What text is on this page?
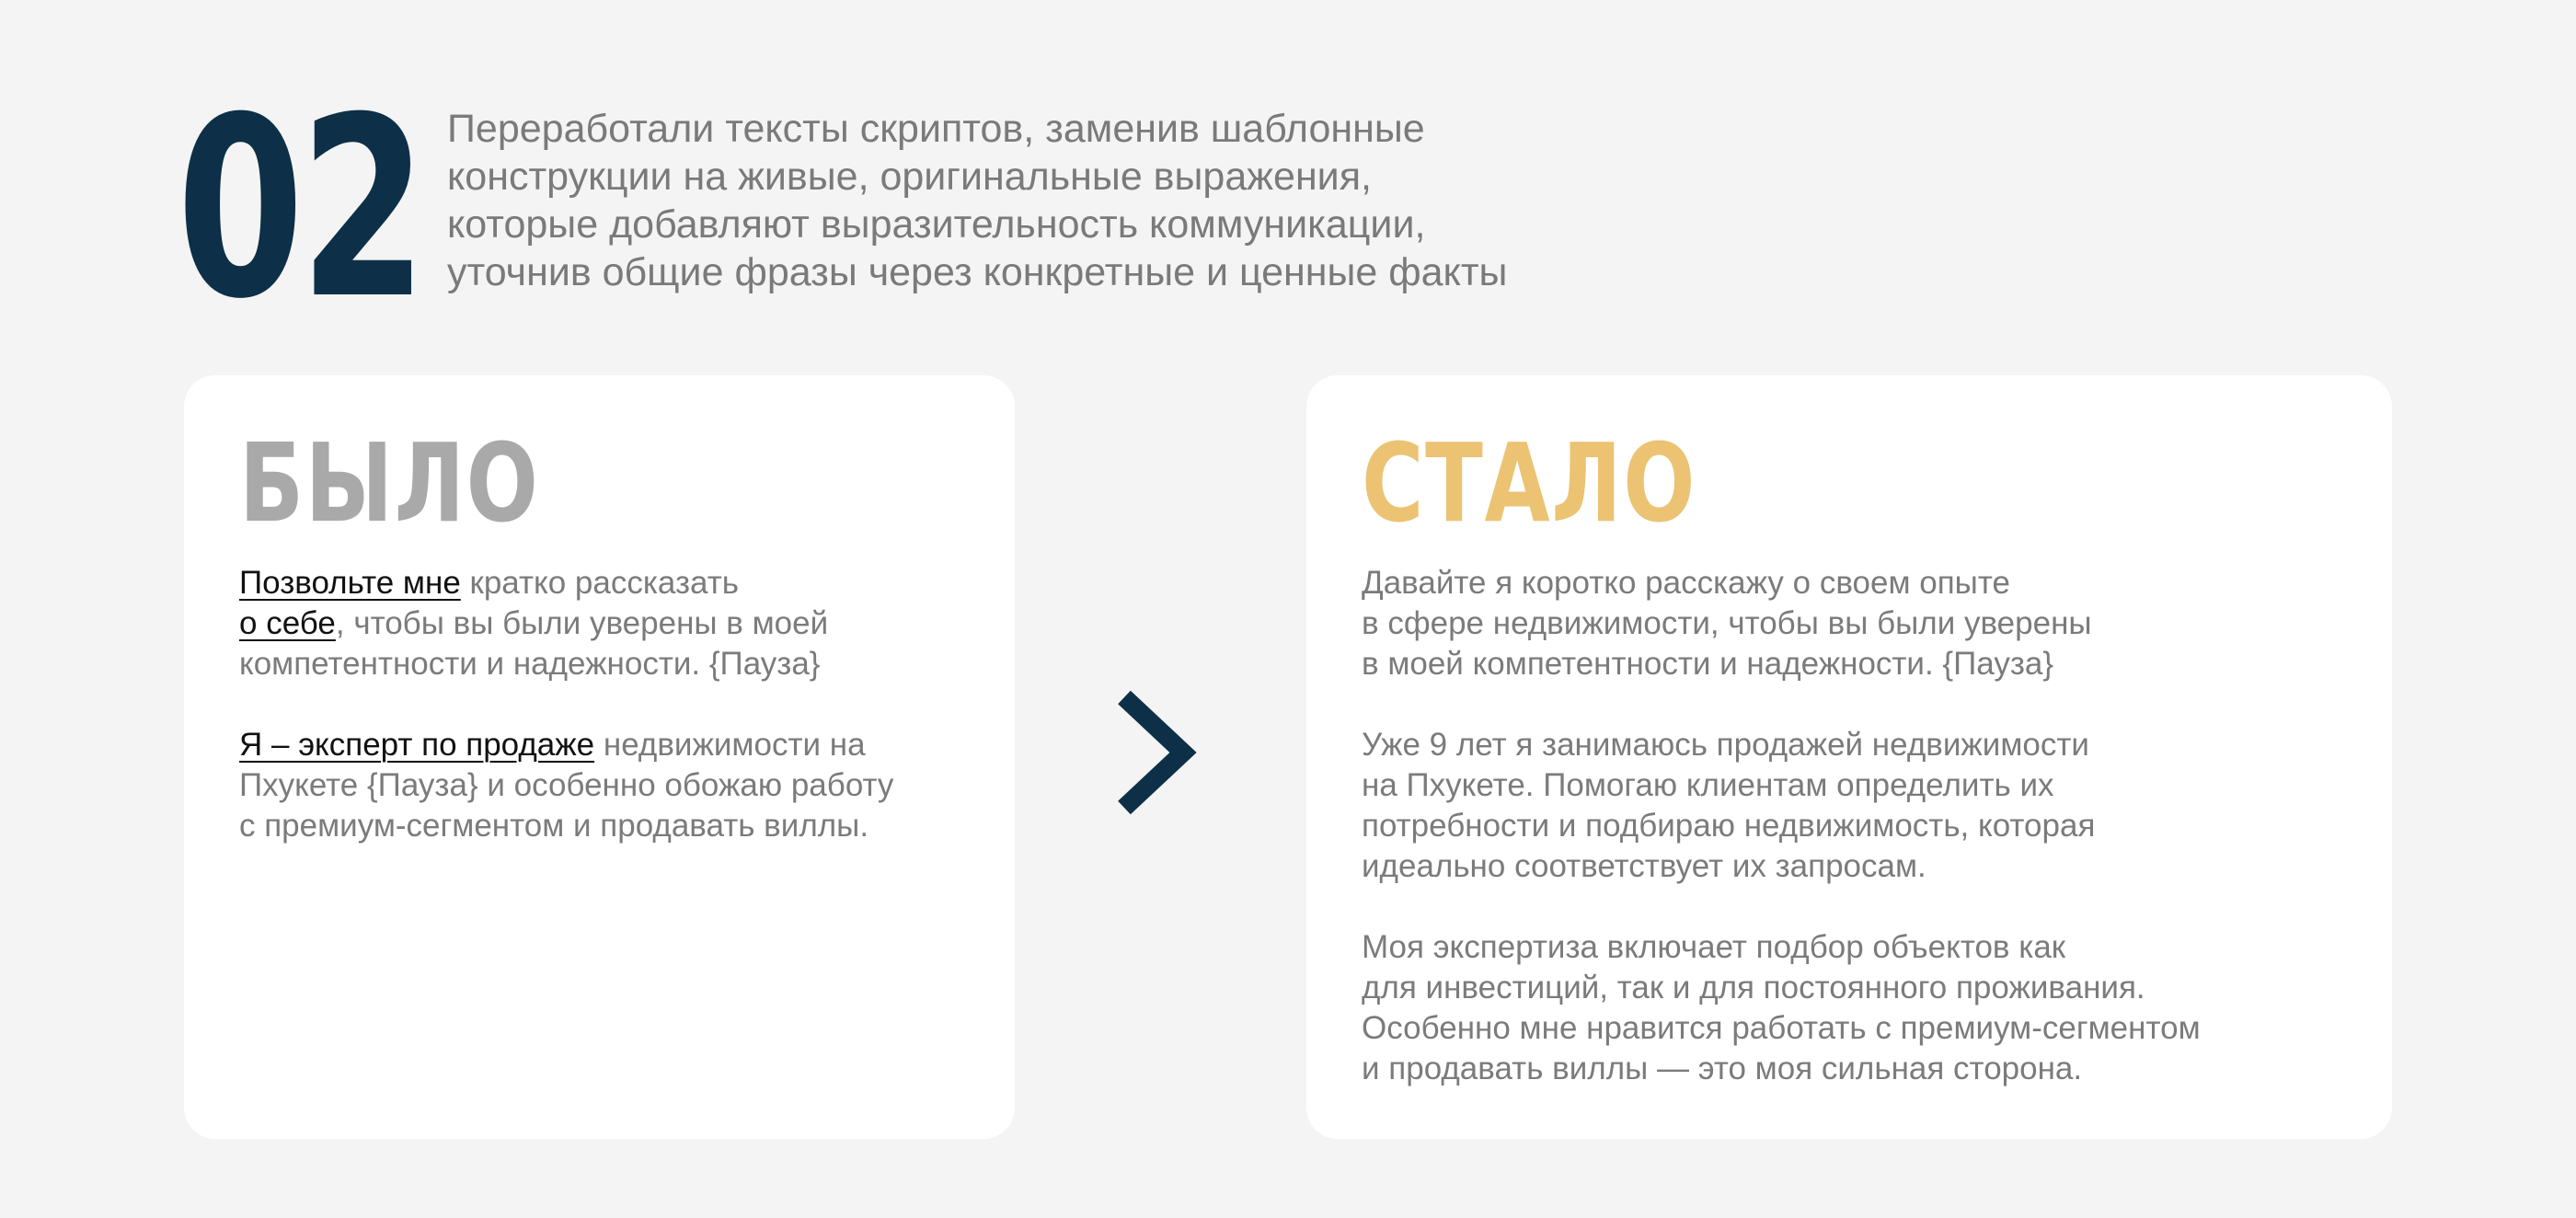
02 Переработали тексты скриптов, заменив шаблонные
конструкции на живые, оригинальные выражения,
которые добавляют выразительность коммуникации,
уточнив общие фразы через конкретные и ценные факты
БЫЛО
Позвольте мне кратко рассказать
о себе, чтобы вы были уверены в моей
компетентности и надежности. {Пауза}
Я – эксперт по продаже недвижимости на
Пхукете {Пауза} и особенно обожаю работу
с премиум-сегментом и продавать виллы.
СТАЛО
Давайте я коротко расскажу о своем опыте
в сфере недвижимости, чтобы вы были уверены
в моей компетентности и надежности. {Пауза}
Уже 9 лет я занимаюсь продажей недвижимости
на Пхукете. Помогаю клиентам определить их
потребности и подбираю недвижимость, которая
идеально соответствует их запросам.
Моя экспертиза включает подбор объектов как
для инвестиций, так и для постоянного проживания.
Особенно мне нравится работать с премиум-сегментом
и продавать виллы — это моя сильная сторона.
